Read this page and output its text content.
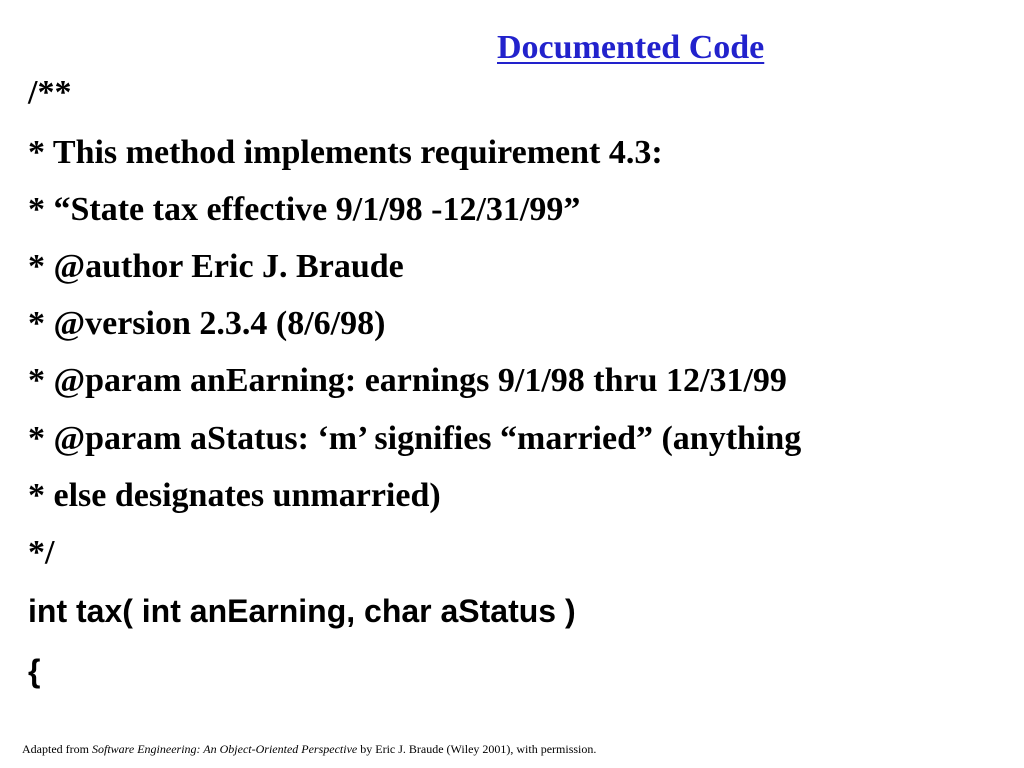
Documented Code
/**
* This method implements requirement 4.3:
* “State tax effective 9/1/98 -12/31/99”
* @author Eric J. Braude
* @version 2.3.4 (8/6/98)
* @param anEarning: earnings 9/1/98 thru 12/31/99
* @param aStatus: ‘m’ signifies “married” (anything
* else designates unmarried)
*/
int tax( int anEarning, char aStatus )
{
Adapted from Software Engineering: An Object-Oriented Perspective by Eric J. Braude (Wiley 2001), with permission.
